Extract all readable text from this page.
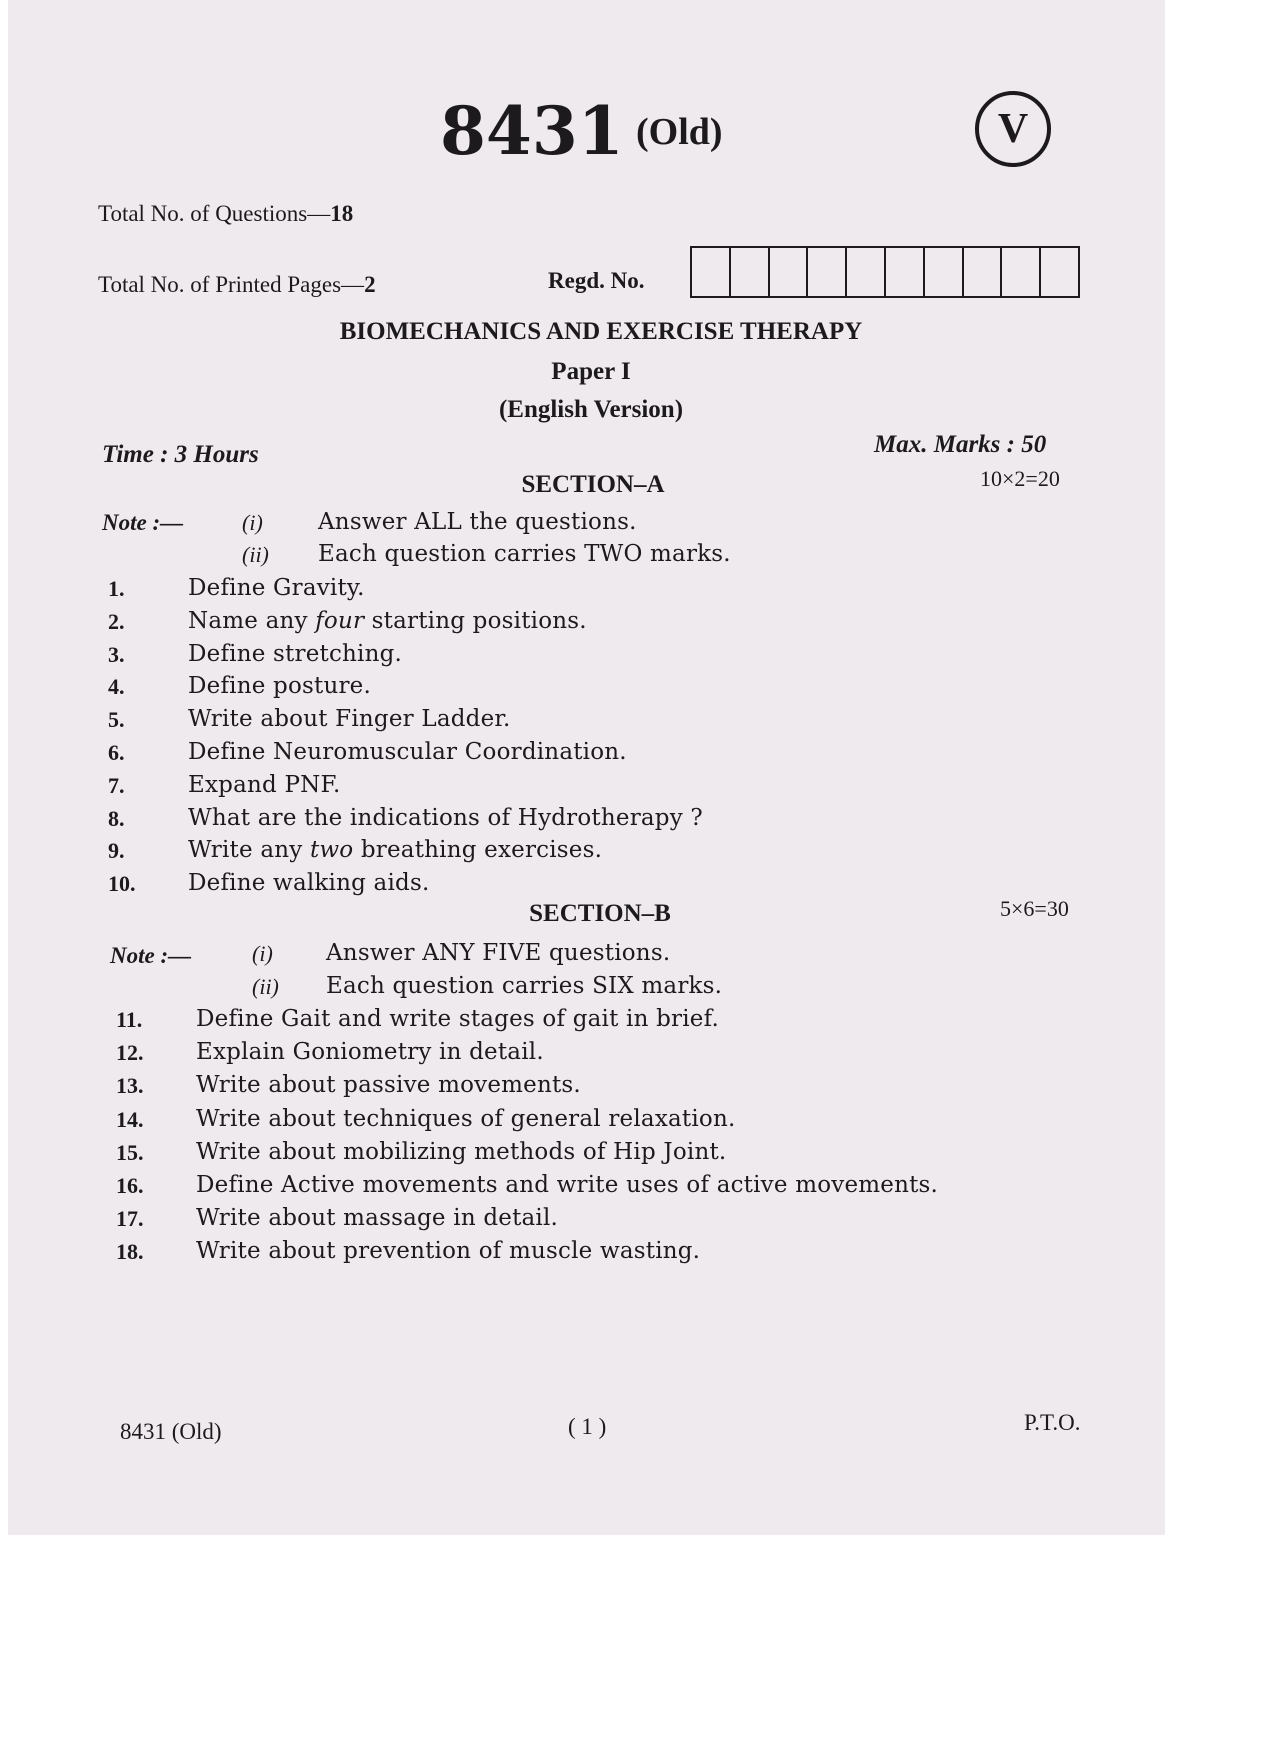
8431 (Old)	V
Total No. of Questions—18
Total No. of Printed Pages—2	Regd. No.
BIOMECHANICS AND EXERCISE THERAPY
Paper I
(English Version)
Time : 3 Hours	Max. Marks : 50
SECTION–A	10×2=20
Note :—	(i) Answer ALL the questions.
(ii) Each question carries TWO marks.
1.	Define Gravity.
2.	Name any four starting positions.
3.	Define stretching.
4.	Define posture.
5.	Write about Finger Ladder.
6.	Define Neuromuscular Coordination.
7.	Expand PNF.
8.	What are the indications of Hydrotherapy ?
9.	Write any two breathing exercises.
10. Define walking aids.
SECTION–B	5×6=30
Note :—	(i) Answer ANY FIVE questions.
(ii) Each question carries SIX marks.
11. Define Gait and write stages of gait in brief.
12. Explain Goniometry in detail.
13. Write about passive movements.
14. Write about techniques of general relaxation.
15. Write about mobilizing methods of Hip Joint.
16. Define Active movements and write uses of active movements.
17. Write about massage in detail.
18. Write about prevention of muscle wasting.
8431 (Old)	( 1 )	P.T.O.
